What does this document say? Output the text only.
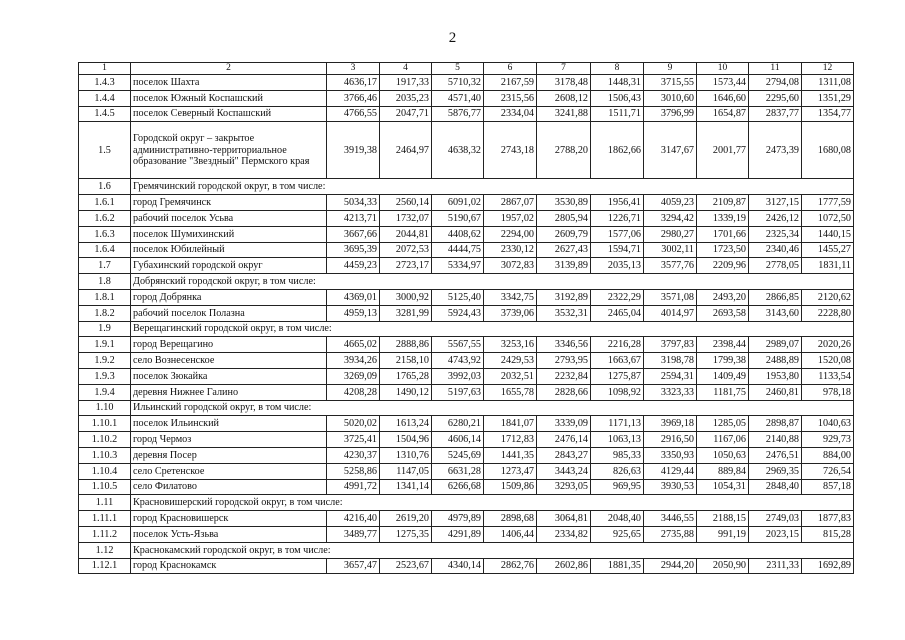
2
1	2	3	4	5	6	7	8	9	10	11	12
1.4.3	поселок Шахта	4636,17	1917,33	5710,32	2167,59	3178,48	1448,31	3715,55	1573,44	2794,08	1311,08
1.4.4	поселок Южный Коспашский	3766,46	2035,23	4571,40	2315,56	2608,12	1506,43	3010,60	1646,60	2295,60	1351,29
1.4.5	поселок Северный Коспашский	4766,55	2047,71	5876,77	2334,04	3241,88	1511,71	3796,99	1654,87	2837,77	1354,77
1.5	Городской округ – закрытое административно-территориальное образование "Звездный" Пермского края	3919,38	2464,97	4638,32	2743,18	2788,20	1862,66	3147,67	2001,77	2473,39	1680,08
1.6	Гремячинский городской округ, в том числе:										
1.6.1	город Гремячинск	5034,33	2560,14	6091,02	2867,07	3530,89	1956,41	4059,23	2109,87	3127,15	1777,59
1.6.2	рабочий поселок Усьва	4213,71	1732,07	5190,67	1957,02	2805,94	1226,71	3294,42	1339,19	2426,12	1072,50
1.6.3	поселок Шумихинский	3667,66	2044,81	4408,62	2294,00	2609,79	1577,06	2980,27	1701,66	2325,34	1440,15
1.6.4	поселок Юбилейный	3695,39	2072,53	4444,75	2330,12	2627,43	1594,71	3002,11	1723,50	2340,46	1455,27
1.7	Губахинский городской округ	4459,23	2723,17	5334,97	3072,83	3139,89	2035,13	3577,76	2209,96	2778,05	1831,11
1.8	Добрянский городской округ, в том числе:										
1.8.1	город Добрянка	4369,01	3000,92	5125,40	3342,75	3192,89	2322,29	3571,08	2493,20	2866,85	2120,62
1.8.2	рабочий поселок Полазна	4959,13	3281,99	5924,43	3739,06	3532,31	2465,04	4014,97	2693,58	3143,60	2228,80
1.9	Верещагинский городской округ, в том числе:										
1.9.1	город Верещагино	4665,02	2888,86	5567,55	3253,16	3346,56	2216,28	3797,83	2398,44	2989,07	2020,26
1.9.2	село Вознесенское	3934,26	2158,10	4743,92	2429,53	2793,95	1663,67	3198,78	1799,38	2488,89	1520,08
1.9.3	поселок Зюкайка	3269,09	1765,28	3992,03	2032,51	2232,84	1275,87	2594,31	1409,49	1953,80	1133,54
1.9.4	деревня Нижнее Галино	4208,28	1490,12	5197,63	1655,78	2828,66	1098,92	3323,33	1181,75	2460,81	978,18
1.10	Ильинский городской округ, в том числе:										
1.10.1	поселок Ильинский	5020,02	1613,24	6280,21	1841,07	3339,09	1171,13	3969,18	1285,05	2898,87	1040,63
1.10.2	город Чермоз	3725,41	1504,96	4606,14	1712,83	2476,14	1063,13	2916,50	1167,06	2140,88	929,73
1.10.3	деревня Посер	4230,37	1310,76	5245,69	1441,35	2843,27	985,33	3350,93	1050,63	2476,51	884,00
1.10.4	село Сретенское	5258,86	1147,05	6631,28	1273,47	3443,24	826,63	4129,44	889,84	2969,35	726,54
1.10.5	село Филатово	4991,72	1341,14	6266,68	1509,86	3293,05	969,95	3930,53	1054,31	2848,40	857,18
1.11	Красновишерский городской округ, в том числе:										
1.11.1	город Красновишерск	4216,40	2619,20	4979,89	2898,68	3064,81	2048,40	3446,55	2188,15	2749,03	1877,83
1.11.2	поселок Усть-Язьва	3489,77	1275,35	4291,89	1406,44	2334,82	925,65	2735,88	991,19	2023,15	815,28
1.12	Краснокамский городской округ, в том числе:										
1.12.1	город Краснокамск	3657,47	2523,67	4340,14	2862,76	2602,86	1881,35	2944,20	2050,90	2311,33	1692,89
